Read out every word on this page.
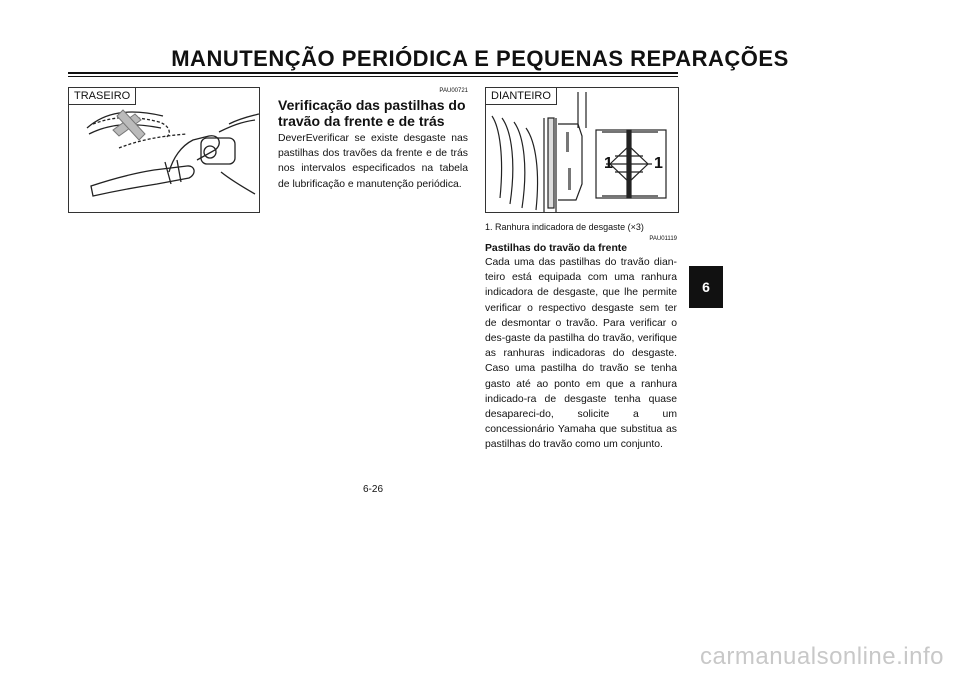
MANUTENÇÃO PERIÓDICA E PEQUENAS REPARAÇÕES
TRASEIRO	PAU00721
Verificação das pastilhas do
travão da frente e de trás
DeverEverificar se existe desgaste nas pastilhas dos travões da frente e de trás nos intervalos especificados na tabela de lubrificação e manutenção periódica.
1	1
DIANTEIRO
1. Ranhura indicadora de desgaste (×3)
PAU01119
Pastilhas do travão da frente
Cada uma das pastilhas do travão dian-teiro está equipada com uma ranhura indicadora de desgaste, que lhe permite verificar o respectivo desgaste sem ter de desmontar o travão. Para verificar o des-gaste da pastilha do travão, verifique as ranhuras indicadoras do desgaste. Caso uma pastilha do travão se tenha gasto até ao ponto em que a ranhura indicado-ra de desgaste tenha quase desapareci-do, solicite a um concessionário Yamaha que substitua as pastilhas do travão como um conjunto.
6
6-26
carmanualsonline.info
